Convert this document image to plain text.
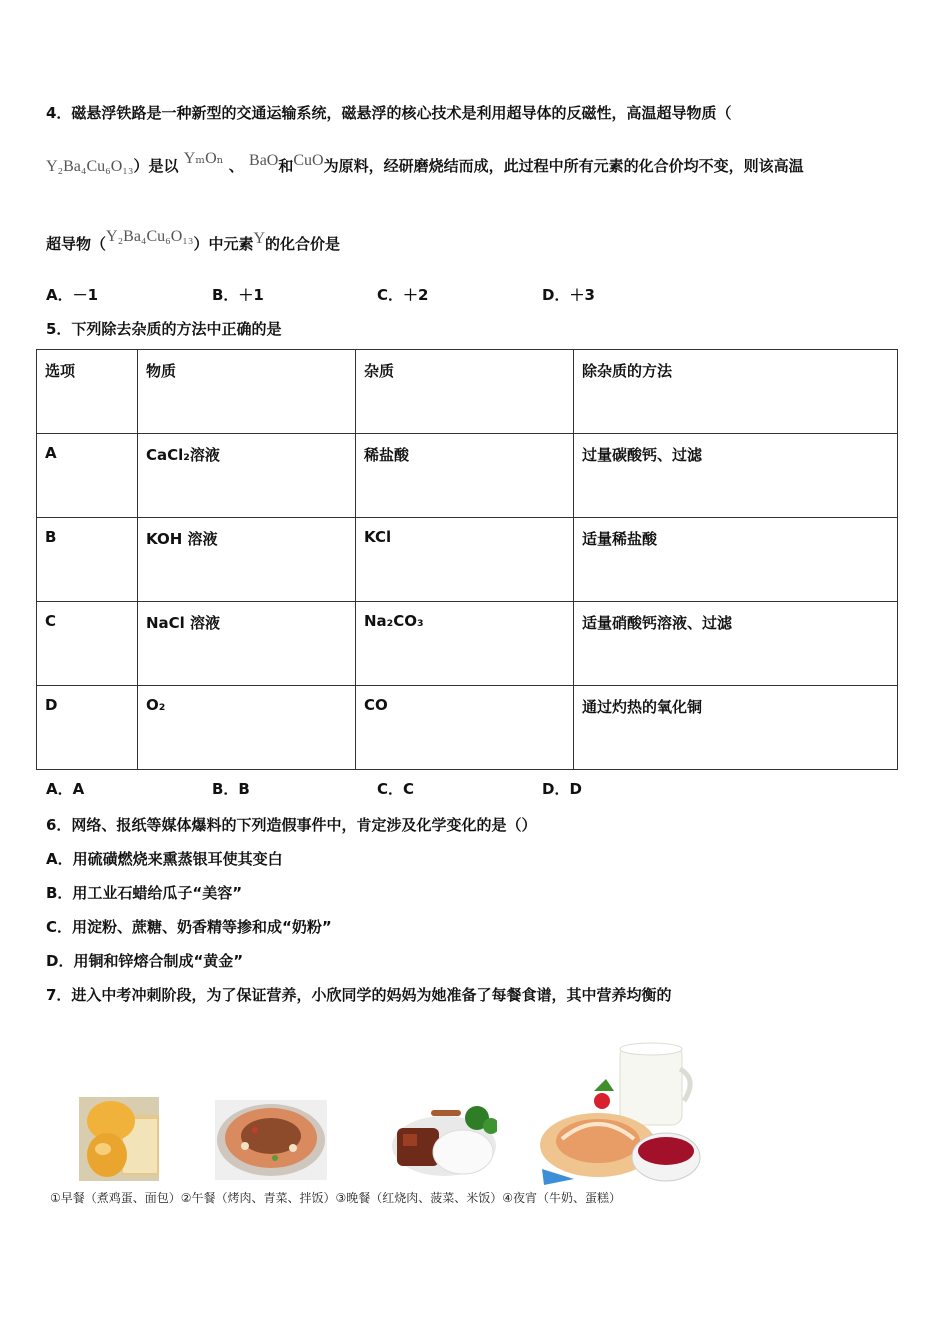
4．磁悬浮铁路是一种新型的交通运输系统，磁悬浮的核心技术是利用超导体的反磁性，高温超导物质（
Y₂Ba₄Cu₆O₁₃）是以 YₘOₙ 、 BaO和CuO为原料，经研磨烧结而成，此过程中所有元素的化合价均不变，则该高温
超导物（Y₂Ba₄Cu₆O₁₃）中元素Y的化合价是
A．－1	B．＋1	C．＋2	D．＋3
5．下列除去杂质的方法中正确的是
选项	物质	杂质	除杂质的方法
A	CaCl₂溶液	稀盐酸	过量碳酸钙、过滤
B	KOH 溶液	KCl	适量稀盐酸
C	NaCl 溶液	Na₂CO₃	适量硝酸钙溶液、过滤
D	O₂	CO	通过灼热的氧化铜
A．A	B．B	C．C	D．D
6．网络、报纸等媒体爆料的下列造假事件中，肯定涉及化学变化的是（）
A．用硫磺燃烧来熏蒸银耳使其变白
B．用工业石蜡给瓜子“美容”
C．用淀粉、蔗糖、奶香精等掺和成“奶粉”
D．用铜和锌熔合制成“黄金”
7．进入中考冲刺阶段，为了保证营养，小欣同学的妈妈为她准备了每餐食谱，其中营养均衡的
①早餐（煮鸡蛋、面包）②午餐（烤肉、青菜、拌饭）③晚餐（红烧肉、菠菜、米饭）④夜宵（牛奶、蛋糕）
